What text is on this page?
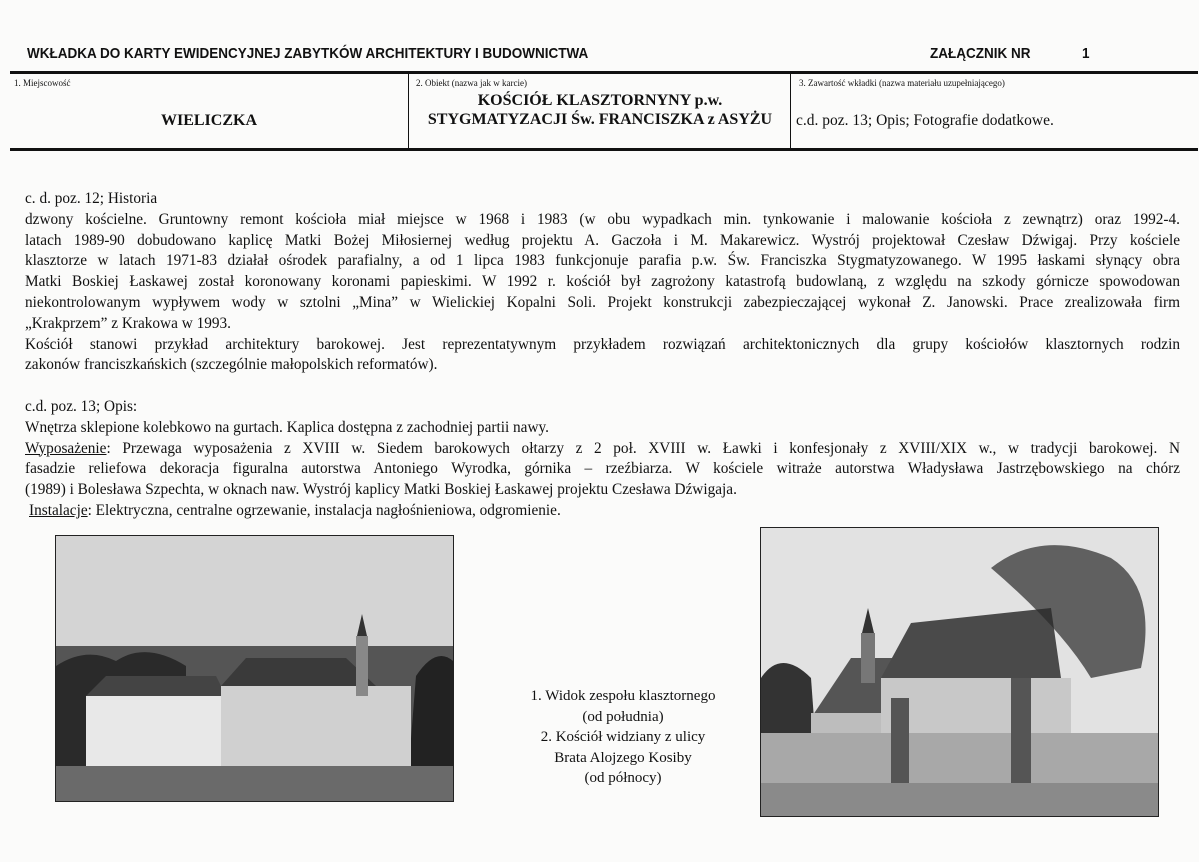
WKŁADKA DO KARTY EWIDENCYJNEJ ZABYTKÓW ARCHITEKTURY I BUDOWNICTWA	ZAŁĄCZNIK NR	1
1. Miejscowość
WIELICZKA
2. Obiekt (nazwa jak w karcie)
KOŚCIÓŁ KLASZTORNYNY p.w.
STYGMATYZACJI Św. FRANCISZKA z ASYŻU
3. Zawartość wkładki (nazwa materiału uzupełniającego)
c.d. poz. 13; Opis; Fotografie dodatkowe.
c. d. poz. 12; Historia
dzwony kościelne. Gruntowny remont kościoła miał miejsce w 1968 i 1983 (w obu wypadkach min. tynkowanie i malowanie kościoła z zewnątrz) oraz 1992-4.
latach 1989-90 dobudowano kaplicę Matki Bożej Miłosiernej według projektu A. Gaczoła i M. Makarewicz. Wystrój projektował Czesław Dźwigaj. Przy kościele
klasztorze w latach 1971-83 działał ośrodek parafialny, a od 1 lipca 1983 funkcjonuje parafia p.w. Św. Franciszka Stygmatyzowanego. W 1995 łaskami słynący obra
Matki Boskiej Łaskawej został koronowany koronami papieskimi. W 1992 r. kościół był zagrożony katastrofą budowlaną, z względu na szkody górnicze spowodowan
niekontrolowanym wypływem wody w sztolni „Mina” w Wielickiej Kopalni Soli. Projekt konstrukcji zabezpieczającej wykonał Z. Janowski. Prace zrealizowała firm
„Krakprzem” z Krakowa w 1993.
Kościół stanowi przykład architektury barokowej. Jest reprezentatywnym przykładem rozwiązań architektonicznych dla grupy kościołów klasztornych rodzin
zakonów franciszkańskich (szczególnie małopolskich reformatów).
c.d. poz. 13; Opis:
Wnętrza sklepione kolebkowo na gurtach. Kaplica dostępna z zachodniej partii nawy.
Wyposażenie: Przewaga wyposażenia z XVIII w. Siedem barokowych ołtarzy z 2 poł. XVIII w. Ławki i konfesjonały z XVIII/XIX w., w tradycji barokowej. N
fasadzie reliefowa dekoracja figuralna autorstwa Antoniego Wyrodka, górnika – rzeźbiarza. W kościele witraże autorstwa Władysława Jastrzębowskiego na chórz
(1989) i Bolesława Szpechta, w oknach naw. Wystrój kaplicy Matki Boskiej Łaskawej projektu Czesława Dźwigaja.
Instalacje: Elektryczna, centralne ogrzewanie, instalacja nagłośnieniowa, odgromienie.
1. Widok zespołu klasztornego
(od południa)
2. Kościół widziany z ulicy
Brata Alojzego Kosiby
(od północy)
